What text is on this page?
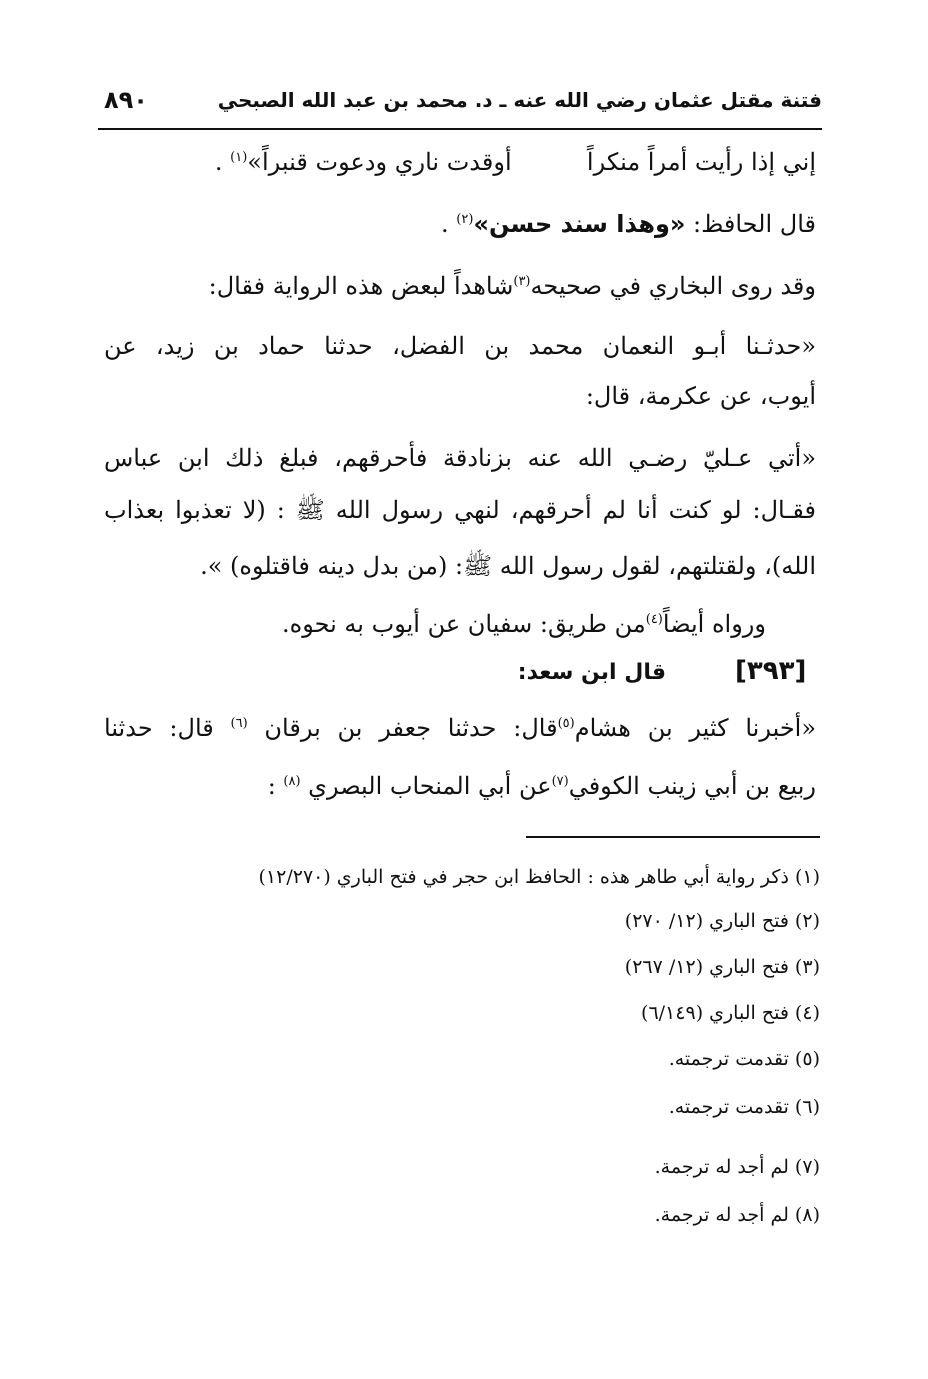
فتنة مقتل عثمان رضي الله عنه ـ د. محمد بن عبد الله الصبحي
٨٩٠
إني إذا رأيت أمراً منكراً  أوقدت ناري ودعوت قنبراً»$^{(١)}$ .
قال الحافظ: «وهذا سند حسن»$^{(٢)}$ .
وقد روى البخاري في صحيحه$^{(٣)}$شاهداً لبعض هذه الرواية فقال:
«حدثـنا أبـو النعمان محمد بن الفضل، حدثنا حماد بن زيد، عن
أيوب، عن عكرمة، قال:
«أتي عـليّ رضـي الله عنه بزنادقة فأحرقهم، فبلغ ذلك ابن عباس
فقـال: لو كنت أنا لم أحرقهم، لنهي رسول الله ﷺ : (لا تعذبوا بعذاب
الله)، ولقتلتهم، لقول رسول الله ﷺ: (من بدل دينه فاقتلوه) ».
ورواه أيضاً$^{(٤)}$من طريق: سفيان عن أيوب به نحوه.
[٣٩٣]
قال ابن سعد:
«أخبرنا كثير بن هشام$^{(٥)}$قال: حدثنا جعفر بن برقان $^{(٦)}$ قال: حدثنا
ربيع بن أبي زينب الكوفي$^{(٧)}$عن أبي المنحاب البصري $^{(٨)}$ :
(١) ذكر رواية أبي طاهر هذه : الحافظ ابن حجر في فتح الباري (١٢/٢٧٠)
(٢) فتح الباري (١٢/ ٢٧٠)
(٣) فتح الباري (١٢/ ٢٦٧)
(٤) فتح الباري (٦/١٤٩)
(٥) تقدمت ترجمته.
(٦) تقدمت ترجمته.
(٧) لم أجد له ترجمة.
(٨) لم أجد له ترجمة.
